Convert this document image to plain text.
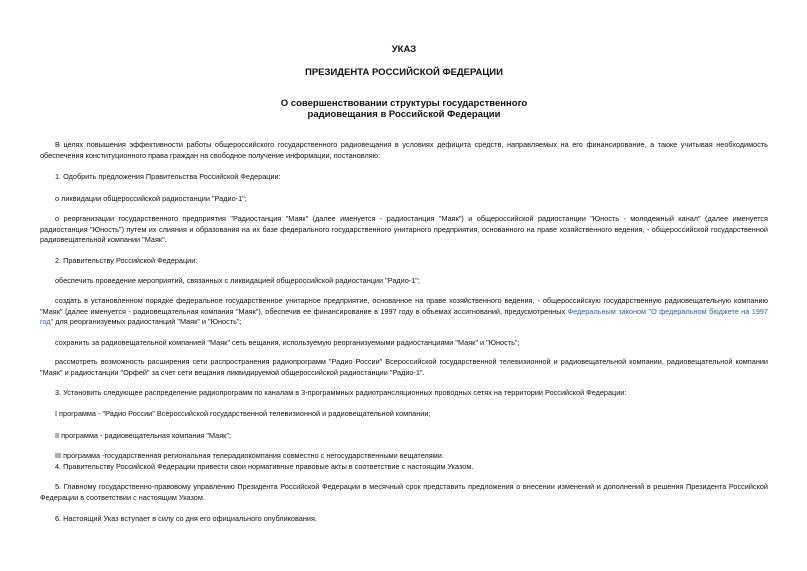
УКАЗ

ПРЕЗИДЕНТА РОССИЙСКОЙ ФЕДЕРАЦИИ

О совершенствовании структуры государственного

радиовещания в Российской Федерации

В целях повышения эффективности работы общероссийского государственного радиовещания в условиях дефицита средств, направляемых на его финансирование, а также учитывая необходимость обеспечения конституционного права граждан на свободное получение информации, постановляю:

1. Одобрить предложения Правительства Российской Федерации:

о ликвидации общероссийской радиостанции "Радио-1";

о реорганизации государственного предприятия "Радиостанция "Маяк" (далее именуется - радиостанция "Маяк") и общероссийской радиостанции "Юность - молодежный канал" (далее именуется радиостанция "Юность") путем их слияния и образования на их базе федерального государственного унитарного предприятия, основанного на праве хозяйственного ведения, - общероссийской государственной радиовещательной компании "Маяк".

2. Правительству Российской Федерации:

обеспечить проведение мероприятий, связанных с ликвидацией общероссийской радиостанции "Радио-1";

создать в установленном порядке федеральное государственное унитарное предприятие, основанное на праве хозяйственного ведения, - общероссийскую государственную радиовещательную компанию "Маяк" (далее именуется - радиовещательная компания "Маяк"), обеспечив ее финансирование в 1997 году в объемах ассигнований, предусмотренных Федеральным законом "О федеральном бюджете на 1997 год" для реорганизуемых радиостанций "Маяк" и "Юность";

сохранить за радиовещательной компанией "Маяк" сеть вещания, используемую реорганизуемыми радиостанциями "Маяк" и "Юность";

рассмотреть возможность расширения сети распространения радиопрограмм "Радио России" Всероссийской государственной телевизионной и радиовещательной компании, радиовещательной компании "Маяк" и радиостанции "Орфей" за счет сети вещания ликвидируемой общероссийской радиостанции "Радио-1".

3. Установить следующее распределение радиопрограмм по каналам в 3-программных радиотрансляционных проводных сетях на территории Российской Федерации:

I программа - "Радио России" Всероссийской государственной телевизионной и радиовещательной компании;

II программа - радиовещательная компания "Маяк";

III программа -государственная региональная телерадиокомпания совместно с негосударственными вещателями.

4. Правительству Российской Федерации привести свои нормативные правовые акты в соответствие с настоящим Указом.

5. Главному государственно-правовому управлению Президента Российской Федерации в месячный срок представить предложения о внесении изменений и дополнений в решения Президента Российской Федерации в соответствии с настоящим Указом.

6. Настоящий Указ вступает в силу со дня его официального опубликования.
